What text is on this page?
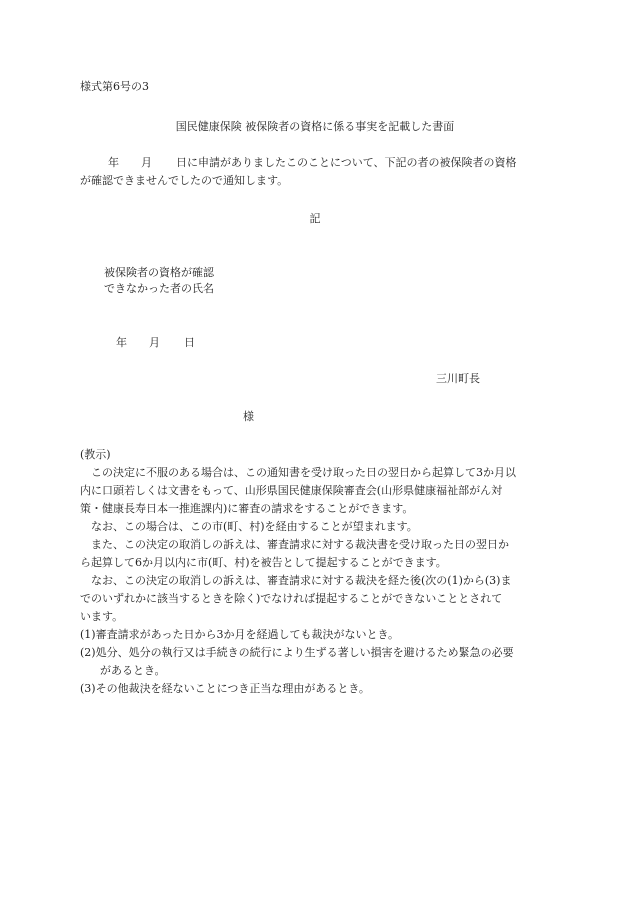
様式第6号の3
国民健康保険 被保険者の資格に係る事実を記載した書面
年 月 日に申請がありましたこのことについて、下記の者の被保険者の資格
が確認できませんでしたので通知します。
記
被保険者の資格が確認
できなかった者の氏名
年 月 日
三川町長
様
(教示)
この決定に不服のある場合は、この通知書を受け取った日の翌日から起算して3か月以
内に口頭若しくは文書をもって、山形県国民健康保険審査会(山形県健康福祉部がん対
策・健康長寿日本一推進課内)に審査の請求をすることができます。
なお、この場合は、この市(町、村)を経由することが望まれます。
また、この決定の取消しの訴えは、審査請求に対する裁決書を受け取った日の翌日か
ら起算して6か月以内に市(町、村)を被告として提起することができます。
なお、この決定の取消しの訴えは、審査請求に対する裁決を経た後(次の(1)から(3)ま
でのいずれかに該当するときを除く)でなければ提起することができないこととされて
います。
(1)審査請求があった日から3か月を経過しても裁決がないとき。
(2)処分、処分の執行又は手続きの続行により生ずる著しい損害を避けるため緊急の必要
があるとき。
(3)その他裁決を経ないことにつき正当な理由があるとき。
